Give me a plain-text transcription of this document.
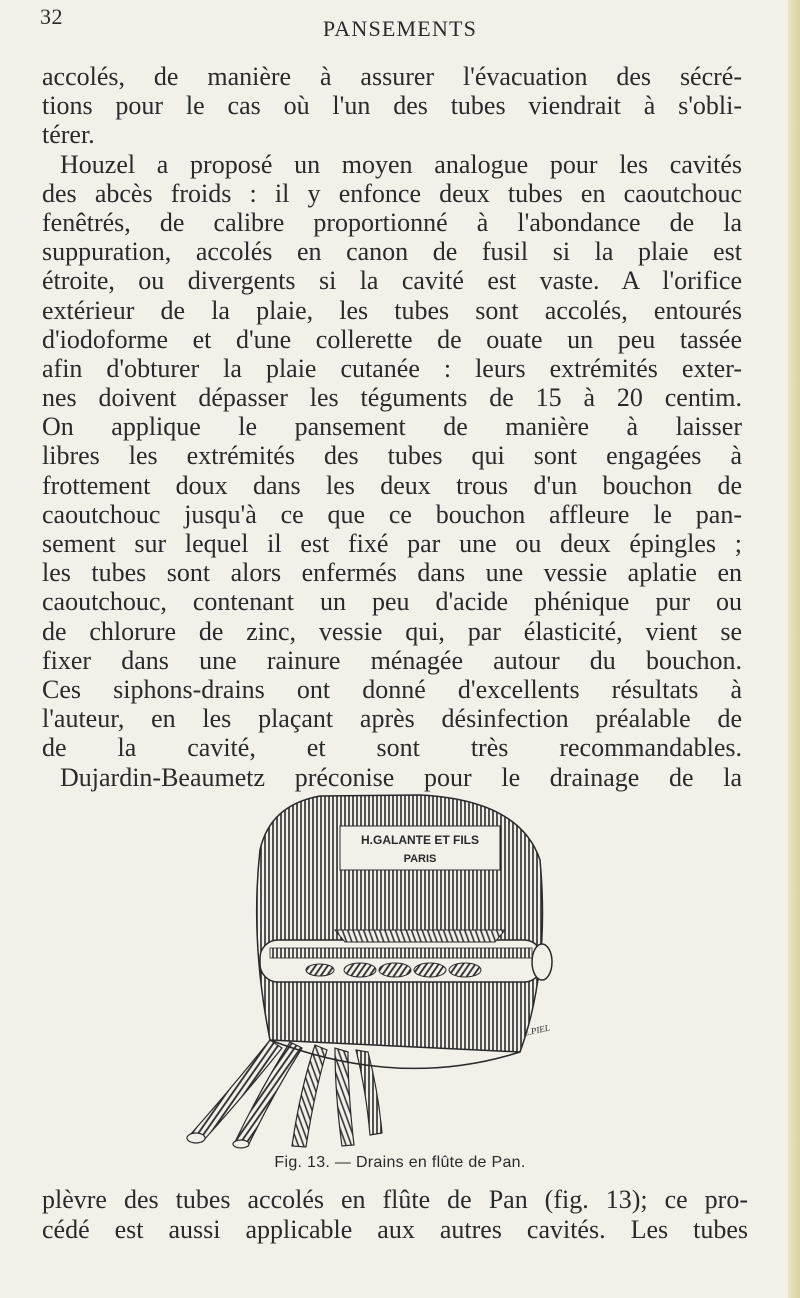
32	PANSEMENTS
accolés, de manière à assurer l'évacuation des sécré-
tions pour le cas où l'un des tubes viendrait à s'obli-
térer.
Houzel a proposé un moyen analogue pour les cavités
des abcès froids : il y enfonce deux tubes en caoutchouc
fenêtrés, de calibre proportionné à l'abondance de la
suppuration, accolés en canon de fusil si la plaie est
étroite, ou divergents si la cavité est vaste. A l'orifice
extérieur de la plaie, les tubes sont accolés, entourés
d'iodoforme et d'une collerette de ouate un peu tassée
afin d'obturer la plaie cutanée : leurs extrémités exter-
nes doivent dépasser les téguments de 15 à 20 centim.
On applique le pansement de manière à laisser
libres les extrémités des tubes qui sont engagées à
frottement doux dans les deux trous d'un bouchon de
caoutchouc jusqu'à ce que ce bouchon affleure le pan-
sement sur lequel il est fixé par une ou deux épingles ;
les tubes sont alors enfermés dans une vessie aplatie en
caoutchouc, contenant un peu d'acide phénique pur ou
de chlorure de zinc, vessie qui, par élasticité, vient se
fixer dans une rainure ménagée autour du bouchon.
Ces siphons-drains ont donné d'excellents résultats à
l'auteur, en les plaçant après désinfection préalable de
de la cavité, et sont très recommandables.
Dujardin-Beaumetz préconise pour le drainage de la
H.GALANTE ET FILS
PARIS
E.PIEL
Fig. 13. — Drains en flûte de Pan.
plèvre des tubes accolés en flûte de Pan (fig. 13); ce pro-
cédé est aussi applicable aux autres cavités. Les tubes
